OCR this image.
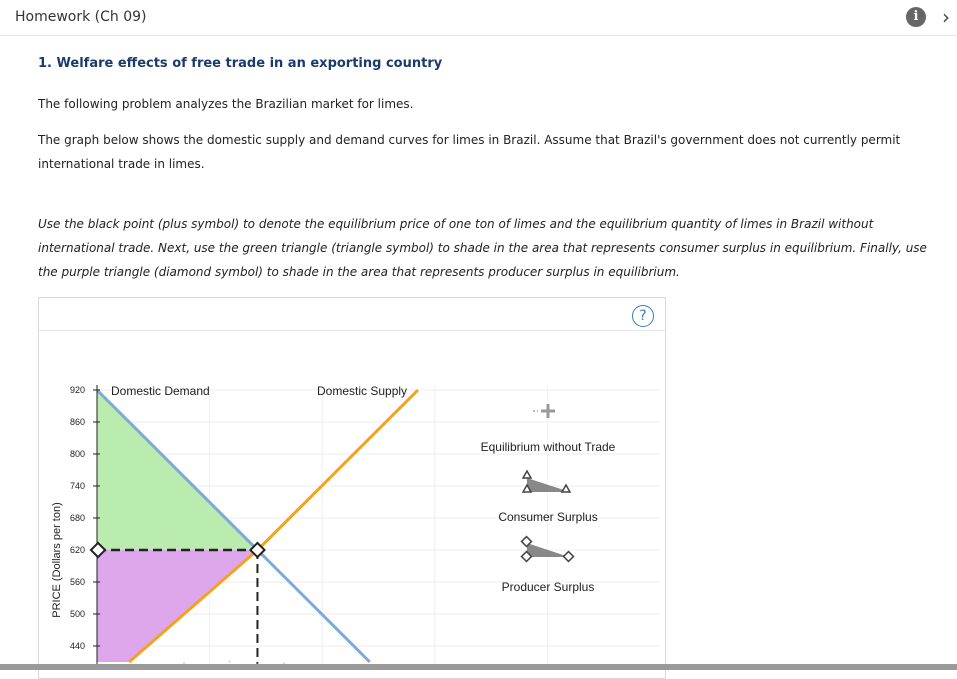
Homework (Ch 09)	i	›
1. Welfare effects of free trade in an exporting country
The following problem analyzes the Brazilian market for limes.
The graph below shows the domestic supply and demand curves for limes in Brazil. Assume that Brazil's government does not currently permit international trade in limes.
Use the black point (plus symbol) to denote the equilibrium price of one ton of limes and the equilibrium quantity of limes in Brazil without international trade. Next, use the green triangle (triangle symbol) to shade in the area that represents consumer surplus in equilibrium. Finally, use the purple triangle (diamond symbol) to shade in the area that represents producer surplus in equilibrium.
?
920
860
800
740
680
620
560
500
440
PRICE (Dollars per ton)
Domestic Demand	Domestic Supply
Equilibrium without Trade
Consumer Surplus
Producer Surplus
